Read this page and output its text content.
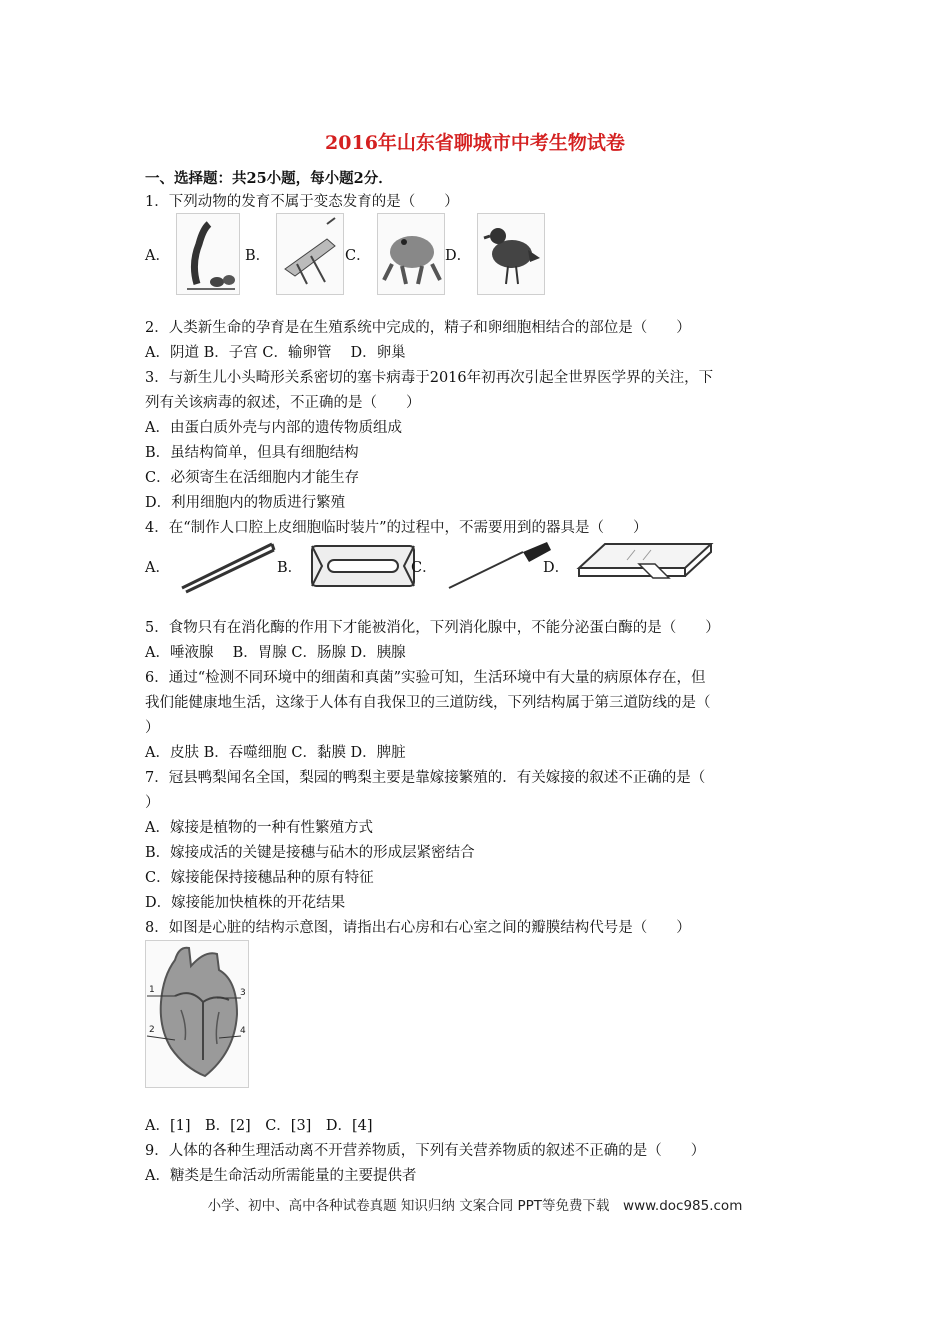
2016年山东省聊城市中考生物试卷
一、选择题：共25小题，每小题2分．
1．下列动物的发育不属于变态发育的是（　　）
A．	B．	C．	D．
2．人类新生命的孕育是在生殖系统中完成的，精子和卵细胞相结合的部位是（　　）
A．阴道 B．子宫 C．输卵管　 D．卵巢
3．与新生儿小头畸形关系密切的塞卡病毒于2016年初再次引起全世界医学界的关注，下
列有关该病毒的叙述，不正确的是（　　）
A．由蛋白质外壳与内部的遗传物质组成
B．虽结构简单，但具有细胞结构
C．必须寄生在活细胞内才能生存
D．利用细胞内的物质进行繁殖
4．在“制作人口腔上皮细胞临时装片”的过程中，不需要用到的器具是（　　）
A．	B．	C．	D．
5．食物只有在消化酶的作用下才能被消化，下列消化腺中，不能分泌蛋白酶的是（　　）
A．唾液腺　 B．胃腺 C．肠腺 D．胰腺
6．通过“检测不同环境中的细菌和真菌”实验可知，生活环境中有大量的病原体存在，但
我们能健康地生活，这缘于人体有自我保卫的三道防线，下列结构属于第三道防线的是（
）
A．皮肤 B．吞噬细胞 C．黏膜 D．脾脏
7．冠县鸭梨闻名全国，梨园的鸭梨主要是靠嫁接繁殖的．有关嫁接的叙述不正确的是（
）
A．嫁接是植物的一种有性繁殖方式
B．嫁接成活的关键是接穗与砧木的形成层紧密结合
C．嫁接能保持接穗品种的原有特征
D．嫁接能加快植株的开花结果
8．如图是心脏的结构示意图，请指出右心房和右心室之间的瓣膜结构代号是（　　）
1
2
3
4
A．[1]　B．[2]　C．[3]　D．[4]
9．人体的各种生理活动离不开营养物质，下列有关营养物质的叙述不正确的是（　　）
A．糖类是生命活动所需能量的主要提供者
小学、初中、高中各种试卷真题 知识归纳 文案合同 PPT等免费下载　www.doc985.com
